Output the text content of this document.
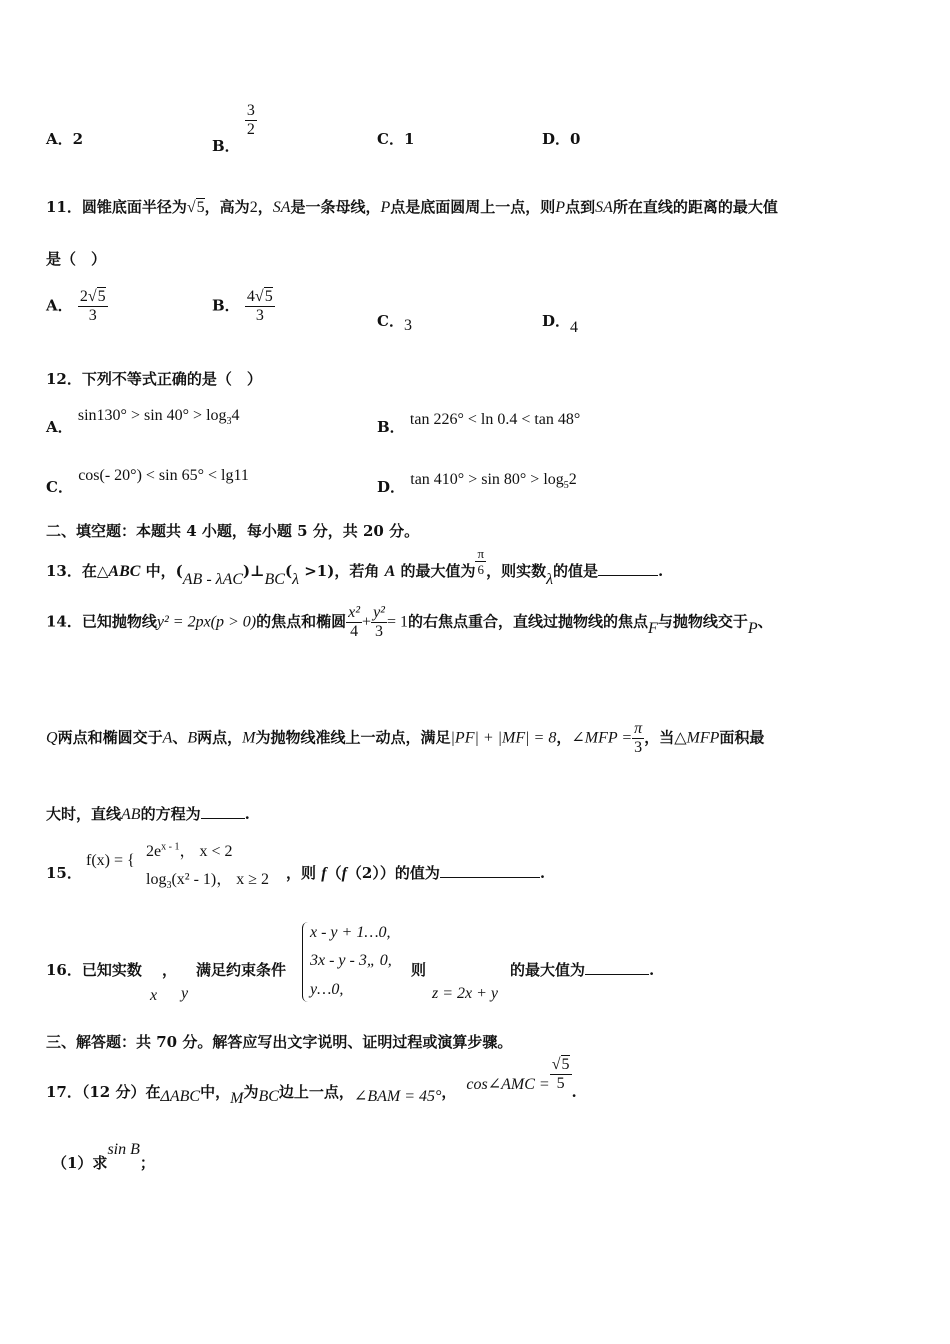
A．2	B．
$\frac{3}{2}$	C．1	D．0
11．圆锥底面半径为√5，高为2，SA是一条母线，P点是底面圆周上一点，则P点到SA所在直线的距离的最大值
是（　）
A． $\frac{2√5}{3}$	B． $\frac{4√5}{3}$	C．3	D．4
12．下列不等式正确的是（　）
A． $\sin 130^\circ > \sin 40^\circ > \log_34$
B． tan 226° < ln 0.4 < tan 48°
C． cos(- 20°) < sin 65° < lg11
D． $\tan 410^\circ > \sin 80^\circ > \log_52$
二、填空题：本题共 4 小题，每小题 5 分，共 20 分。
13．在△ABC 中，(AB - λAC)⊥BC(λ >1)，若角 A 的最大值为 $\frac{\pi}{6}$ ，则实数λ的值是	.
14．已知抛物线y² = 2px(p > 0)的焦点和椭圆 $\frac{\text{x²}}{4} + \frac{\text{y²}}{3} = 1$的右焦点重合，直线过抛物线的焦点F与抛物线交于P、
Q两点和椭圆交于A、B两点，M为抛物线准线上一动点，满足|PF| + |MF| = 8，∠MFP = $\frac{\pi}{3}$ ，当△MFP面积最
大时，直线AB的方程为	.
15．
f(x) = {
$2e^{x - 1}$， x < 2
$\log_3(x^2 - 1)$， x ≥ 2 ，则 f（f（2））的值为	.
16．已知实数
x
，
y
满足约束条件
x - y + 1…0,
3x - y - 3„ 0,
y…0,
则
z = 2x + y
的最大值为	.
三、解答题：共 70 分。解答应写出文字说明、证明过程或演算步骤。
17．（12 分）在ΔABC中，M为BC边上一点，∠BAM = 45°， cos∠AMC = $\frac{√5}{5}$ .
（1）求sin B；
